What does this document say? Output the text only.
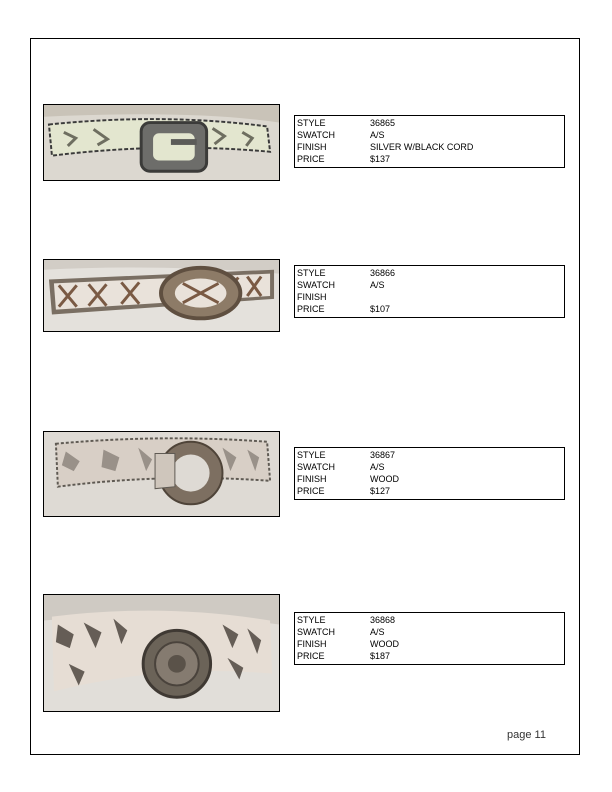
STYLE	36865
SWATCH	A/S
FINISH	SILVER W/BLACK CORD
PRICE	$137
STYLE	36866
SWATCH	A/S
FINISH
PRICE	$107
STYLE	36867
SWATCH	A/S
FINISH	WOOD
PRICE	$127
STYLE	36868
SWATCH	A/S
FINISH	WOOD
PRICE	$187
page 11
